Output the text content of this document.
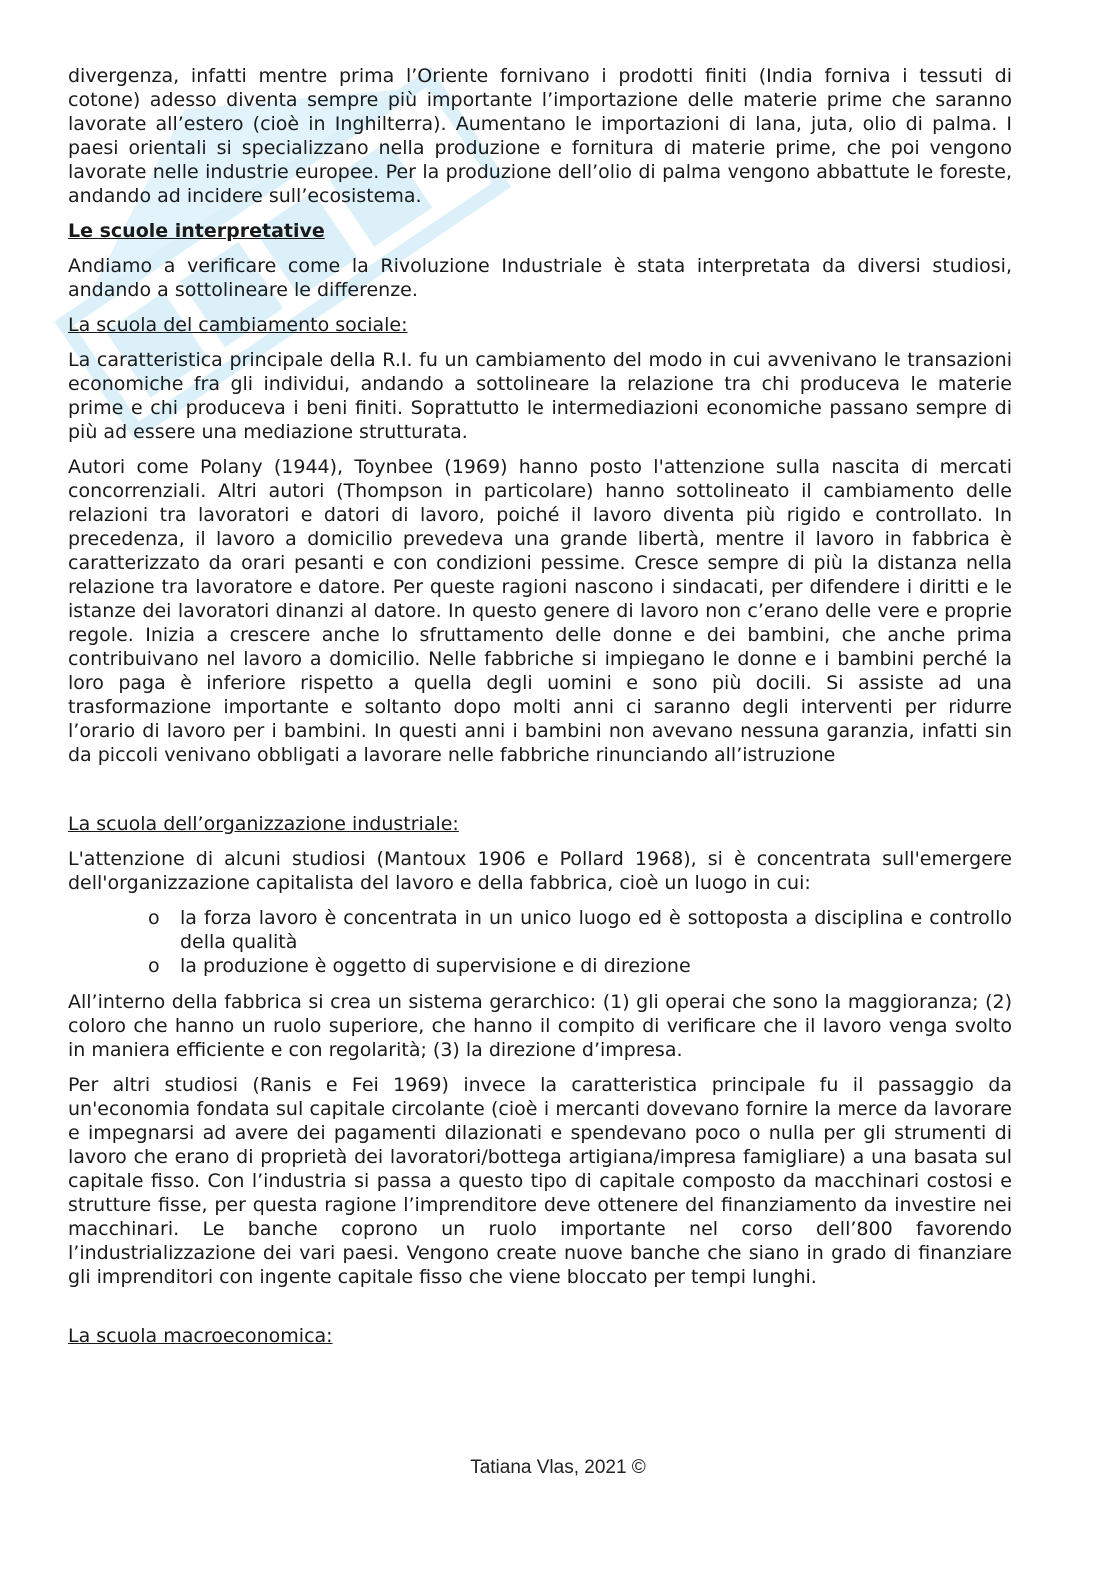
divergenza, infatti mentre prima l’Oriente fornivano i prodotti finiti (India forniva i tessuti di cotone) adesso diventa sempre più importante l’importazione delle materie prime che saranno lavorate all’estero (cioè in Inghilterra). Aumentano le importazioni di lana, juta, olio di palma. I paesi orientali si specializzano nella produzione e fornitura di materie prime, che poi vengono lavorate nelle industrie europee. Per la produzione dell’olio di palma vengono abbattute le foreste, andando ad incidere sull’ecosistema.

Le scuole interpretative

Andiamo a verificare come la Rivoluzione Industriale è stata interpretata da diversi studiosi, andando a sottolineare le differenze.

La scuola del cambiamento sociale:

La caratteristica principale della R.I. fu un cambiamento del modo in cui avvenivano le transazioni economiche fra gli individui, andando a sottolineare la relazione tra chi produceva le materie prime e chi produceva i beni finiti. Soprattutto le intermediazioni economiche passano sempre di più ad essere una mediazione strutturata.

Autori come Polany (1944), Toynbee (1969) hanno posto l'attenzione sulla nascita di mercati concorrenziali. Altri autori (Thompson in particolare) hanno sottolineato il cambiamento delle relazioni tra lavoratori e datori di lavoro, poiché il lavoro diventa più rigido e controllato. In precedenza, il lavoro a domicilio prevedeva una grande libertà, mentre il lavoro in fabbrica è caratterizzato da orari pesanti e con condizioni pessime. Cresce sempre di più la distanza nella relazione tra lavoratore e datore. Per queste ragioni nascono i sindacati, per difendere i diritti e le istanze dei lavoratori dinanzi al datore. In questo genere di lavoro non c’erano delle vere e proprie regole. Inizia a crescere anche lo sfruttamento delle donne e dei bambini, che anche prima contribuivano nel lavoro a domicilio. Nelle fabbriche si impiegano le donne e i bambini perché la loro paga è inferiore rispetto a quella degli uomini e sono più docili. Si assiste ad una trasformazione importante e soltanto dopo molti anni ci saranno degli interventi per ridurre l’orario di lavoro per i bambini. In questi anni i bambini non avevano nessuna garanzia, infatti sin da piccoli venivano obbligati a lavorare nelle fabbriche rinunciando all’istruzione

La scuola dell’organizzazione industriale:

L'attenzione di alcuni studiosi (Mantoux 1906 e Pollard 1968), si è concentrata sull'emergere dell'organizzazione capitalista del lavoro e della fabbrica, cioè un luogo in cui:

o la forza lavoro è concentrata in un unico luogo ed è sottoposta a disciplina e controllo della qualità
o la produzione è oggetto di supervisione e di direzione

All’interno della fabbrica si crea un sistema gerarchico: (1) gli operai che sono la maggioranza; (2) coloro che hanno un ruolo superiore, che hanno il compito di verificare che il lavoro venga svolto in maniera efficiente e con regolarità; (3) la direzione d’impresa.

Per altri studiosi (Ranis e Fei 1969) invece la caratteristica principale fu il passaggio da un'economia fondata sul capitale circolante (cioè i mercanti dovevano fornire la merce da lavorare e impegnarsi ad avere dei pagamenti dilazionati e spendevano poco o nulla per gli strumenti di lavoro che erano di proprietà dei lavoratori/bottega artigiana/impresa famigliare) a una basata sul capitale fisso. Con l’industria si passa a questo tipo di capitale composto da macchinari costosi e strutture fisse, per questa ragione l’imprenditore deve ottenere del finanziamento da investire nei macchinari. Le banche coprono un ruolo importante nel corso dell’800 favorendo l’industrializzazione dei vari paesi. Vengono create nuove banche che siano in grado di finanziare gli imprenditori con ingente capitale fisso che viene bloccato per tempi lunghi.

La scuola macroeconomica:

Tatiana Vlas, 2021 ©
